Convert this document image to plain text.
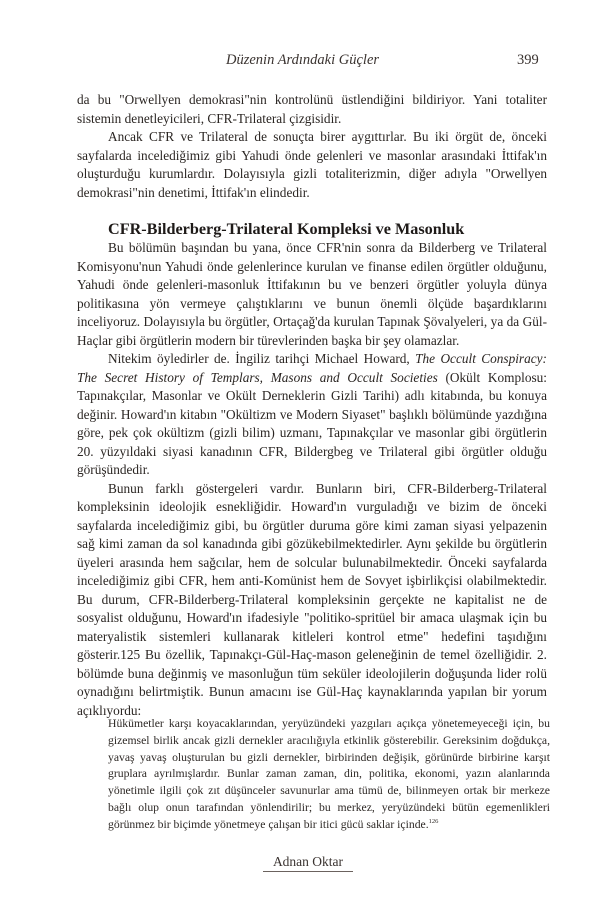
Düzenin Ardındaki Güçler	399

da bu "Orwellyen demokrasi"nin kontrolünü üstlendiğini bildiriyor. Yani totaliter sistemin denetleyicileri, CFR-Trilateral çizgisidir.

Ancak CFR ve Trilateral de sonuçta birer aygıttırlar. Bu iki örgüt de, önceki sayfalarda incelediğimiz gibi Yahudi önde gelenleri ve masonlar arasındaki İttifak'ın oluşturduğu kurumlardır. Dolayısıyla gizli totaliterizmin, diğer adıyla "Orwellyen demokrasi"nin denetimi, İttifak'ın elindedir.

CFR-Bilderberg-Trilateral Kompleksi ve Masonluk

Bu bölümün başından bu yana, önce CFR'nin sonra da Bilderberg ve Trilateral Komisyonu'nun Yahudi önde gelenlerince kurulan ve finanse edilen örgütler olduğunu, Yahudi önde gelenleri-masonluk İttifakının bu ve benzeri örgütler yoluyla dünya politikasına yön vermeye çalıştıklarını ve bunun önemli ölçüde başardıklarını inceliyoruz. Dolayısıyla bu örgütler, Ortaçağ'da kurulan Tapınak Şövalyeleri, ya da Gül-Haçlar gibi örgütlerin modern bir türevlerinden başka bir şey olamazlar.

Nitekim öyledirler de. İngiliz tarihçi Michael Howard, The Occult Conspiracy: The Secret History of Templars, Masons and Occult Societies (Okült Komplosu: Tapınakçılar, Masonlar ve Okült Derneklerin Gizli Tarihi) adlı kitabında, bu konuya değinir. Howard'ın kitabın "Okültizm ve Modern Siyaset" başlıklı bölümünde yazdığına göre, pek çok okültizm (gizli bilim) uzmanı, Tapınakçılar ve masonlar gibi örgütlerin 20. yüzyıldaki siyasi kanadının CFR, Bildergbeg ve Trilateral gibi örgütler olduğu görüşündedir.

Bunun farklı göstergeleri vardır. Bunların biri, CFR-Bilderberg-Trilateral kompleksinin ideolojik esnekliğidir. Howard'ın vurguladığı ve bizim de önceki sayfalarda incelediğimiz gibi, bu örgütler duruma göre kimi zaman siyasi yelpazenin sağ kimi zaman da sol kanadında gibi gözükebilmektedirler. Aynı şekilde bu örgütlerin üyeleri arasında hem sağcılar, hem de solcular bulunabilmektedir. Önceki sayfalarda incelediğimiz gibi CFR, hem anti-Komünist hem de Sovyet işbirlikçisi olabilmektedir. Bu durum, CFR-Bilderberg-Trilateral kompleksinin gerçekte ne kapitalist ne de sosyalist olduğunu, Howard'ın ifadesiyle "politiko-spritüel bir amaca ulaşmak için bu materyalistik sistemleri kullanarak kitleleri kontrol etme" hedefini taşıdığını gösterir.125 Bu özellik, Tapınakçı-Gül-Haç-mason geleneğinin de temel özelliğidir. 2. bölümde buna değinmiş ve masonluğun tüm seküler ideolojilerin doğuşunda lider rolü oynadığını belirtmiştik. Bunun amacını ise Gül-Haç kaynaklarında yapılan bir yorum açıklıyordu:

Hükümetler karşı koyacaklarından, yeryüzündeki yazgıları açıkça yönetemeyeceği için, bu gizemsel birlik ancak gizli dernekler aracılığıyla etkinlik gösterebilir. Gereksinim doğdukça, yavaş yavaş oluşturulan bu gizli dernekler, birbirinden değişik, görünürde birbirine karşıt gruplara ayrılmışlardır. Bunlar zaman zaman, din, politika, ekonomi, yazın alanlarında yönetimle ilgili çok zıt düşünceler savunurlar ama tümü de, bilinmeyen ortak bir merkeze bağlı olup onun tarafından yönlendirilir; bu merkez, yeryüzündeki bütün egemenlikleri görünmez bir biçimde yönetmeye çalışan bir itici gücü saklar içinde.$^{126}$
Adnan Oktar
